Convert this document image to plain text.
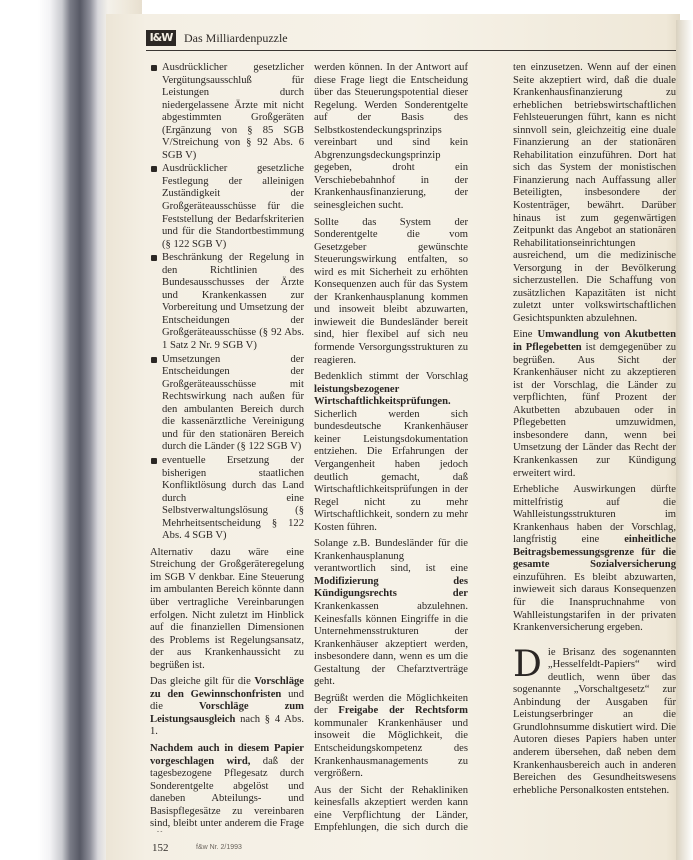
I&W Das Milliardenpuzzle
Ausdrücklicher gesetzlicher Vergütungsausschluß für Leistungen durch niedergelassene Ärzte mit nicht abgestimmten Großgeräten (Ergänzung von § 85 SGB V/Streichung von § 92 Abs. 6 SGB V)
Ausdrücklicher gesetzliche Festlegung der alleinigen Zuständigkeit der Großgeräteausschüsse für die Feststellung der Bedarfskriterien und für die Standortbestimmung (§ 122 SGB V)
Beschränkung der Regelung in den Richtlinien des Bundesausschusses der Ärzte und Krankenkassen zur Vorbereitung und Umsetzung der Entscheidungen der Großgeräteausschüsse (§ 92 Abs. 1 Satz 2 Nr. 9 SGB V)
Umsetzungen der Entscheidungen der Großgeräteausschüsse mit Rechtswirkung nach außen für den ambulanten Bereich durch die kassenärztliche Vereinigung und für den stationären Bereich durch die Länder (§ 122 SGB V)
eventuelle Ersetzung der bisherigen staatlichen Konfliktlösung durch das Land durch eine Selbstverwaltungslösung (§ Mehrheitsentscheidung § 122 Abs. 4 SGB V)

Alternativ dazu wäre eine Streichung der Großgeräteregelung im SGB V denkbar. Eine Steuerung im ambulanten Bereich könnte dann über vertragliche Vereinbarungen erfolgen. Nicht zuletzt im Hinblick auf die finanziellen Dimensionen des Problems ist Regelungsansatz, der aus Krankenhaussicht zu begrüßen ist.

Das gleiche gilt für die Vorschläge zu den Gewinnschonfristen und die Vorschläge zum Leistungsausgleich nach § 4 Abs. 1.

Nachdem auch in diesem Papier vorgeschlagen wird, daß der tagesbezogene Pflegesatz durch Sonderentgelte abgelöst und daneben Abteilungs- und Basispflegesätze zu vereinbaren sind, bleibt unter anderem die Frage

werden können. In der Antwort auf diese Frage liegt die Entscheidung über das Steuerungspotential dieser Regelung. Werden Sonderentgelte auf der Basis des Selbstkostendeckungsprinzips vereinbart und sind kein Abgrenzungsdeckungsprinzip gegeben, droht ein Verschiebebahnhof in der Krankenhausfinanzierung, der seinesgleichen sucht.

Sollte das System der Sonderentgelte die vom Gesetzgeber gewünschte Steuerungswirkung entfalten, so wird es mit Sicherheit zu erhöhten Konsequenzen auch für das System der Krankenhausplanung kommen und insoweit bleibt abzuwarten, inwieweit die Bundesländer bereit sind, hier flexibel auf sich neu formende Versorgungsstrukturen zu reagieren.

Bedenklich stimmt der Vorschlag leistungsbezogener Wirtschaftlichkeitsprüfungen. Sicherlich werden sich bundesdeutsche Krankenhäuser keiner Leistungsdokumentation entziehen. Die Erfahrungen der Vergangenheit haben jedoch deutlich gemacht, daß Wirtschaftlichkeitsprüfungen in der Regel nicht zu mehr Wirtschaftlichkeit, sondern zu mehr Kosten führen.

Solange z.B. Bundesländer für die Krankenhausplanung verantwortlich sind, ist eine Modifizierung des Kündigungsrechts der Krankenkassen abzulehnen. Keinesfalls können Eingriffe in die Unternehmensstrukturen der Krankenhäuser akzeptiert werden, insbesondere dann, wenn es um die Gestaltung der Chefarztverträge geht.

Begrüßt werden die Möglichkeiten der Freigabe der Rechtsform kommunaler Krankenhäuser und insoweit die Möglichkeit, die Entscheidungskompetenz des Krankenhausmanagements zu vergrößern.

Aus der Sicht der Rehakliniken keinesfalls akzeptiert werden kann eine Verpflichtung der Länder, Empfehlungen, die sich durch die

ten einzusetzen. Wenn auf der einen Seite akzeptiert wird, daß die duale Krankenhausfinanzierung zu erheblichen betriebswirtschaftlichen Fehlsteuerungen führt, kann es nicht sinnvoll sein, gleichzeitig eine duale Finanzierung an der stationären Rehabilitation einzuführen. Dort hat sich das System der monistischen Finanzierung nach Auffassung aller Beteiligten, insbesondere der Kostenträger, bewährt. Darüber hinaus ist zum gegenwärtigen Zeitpunkt das Angebot an stationären Rehabilitationseinrichtungen ausreichend, um die medizinische Versorgung in der Bevölkerung sicherzustellen. Die Schaffung von zusätzlichen Kapazitäten ist nicht zuletzt unter volkswirtschaftlichen Gesichtspunkten abzulehnen.

Eine Umwandlung von Akutbetten in Pflegebetten ist demgegenüber zu begrüßen. Aus Sicht der Krankenhäuser nicht zu akzeptieren ist der Vorschlag, die Länder zu verpflichten, fünf Prozent der Akutbetten abzubauen oder in Pflegebetten umzuwidmen, insbesondere dann, wenn bei Umsetzung der Länder das Recht der Krankenkassen zur Kündigung erweitert wird.

Erhebliche Auswirkungen dürfte mittelfristig auf die Wahlleistungsstrukturen im Krankenhaus haben der Vorschlag, langfristig eine einheitliche Beitragsbemessungsgrenze für die gesamte Sozialversicherung einzuführen. Es bleibt abzuwarten, inwieweit sich daraus Konsequenzen für die Inanspruchnahme von Wahlleistungstarifen in der privaten Krankenversicherung ergeben.

Die Brisanz des sogenannten „Hesselfeldt-Papiers“ wird deutlich, wenn über das sogenannte „Vorschaltgesetz“ zur Anbindung der Ausgaben für Leistungserbringer an die Grundlohnsumme diskutiert wird. Die Autoren dieses Papiers haben unter anderem übersehen, daß neben dem Krankenhausbereich auch in anderen Bereichen des Gesundheitswesens erhebliche Personalkosten entstehen.

152	f&w Nr. 2/1993
